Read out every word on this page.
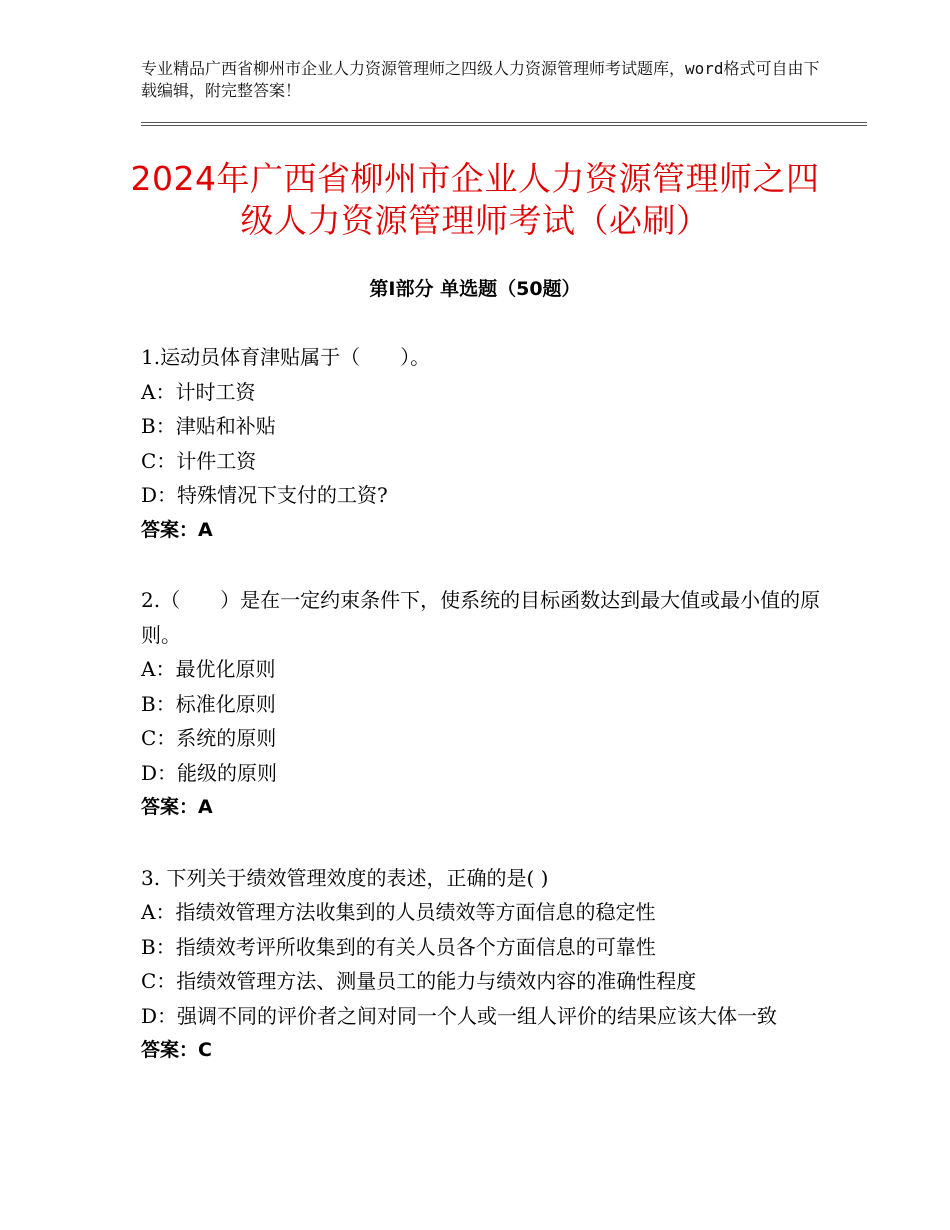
专业精品广西省柳州市企业人力资源管理师之四级人力资源管理师考试题库，word格式可自由下载编辑，附完整答案！
2024年广西省柳州市企业人力资源管理师之四级人力资源管理师考试（必刷）
第Ⅰ部分 单选题（50题）

1.运动员体育津贴属于（　　）。

A：计时工资

B：津贴和补贴

C：计件工资

D：特殊情况下支付的工资?

答案：A

2.（　　）是在一定约束条件下，使系统的目标函数达到最大值或最小值的原则。

A：最优化原则

B：标准化原则

C：系统的原则

D：能级的原则

答案：A

3. 下列关于绩效管理效度的表述，正确的是( )

A：指绩效管理方法收集到的人员绩效等方面信息的稳定性

B：指绩效考评所收集到的有关人员各个方面信息的可靠性

C：指绩效管理方法、测量员工的能力与绩效内容的准确性程度

D：强调不同的评价者之间对同一个人或一组人评价的结果应该大体一致

答案：C
